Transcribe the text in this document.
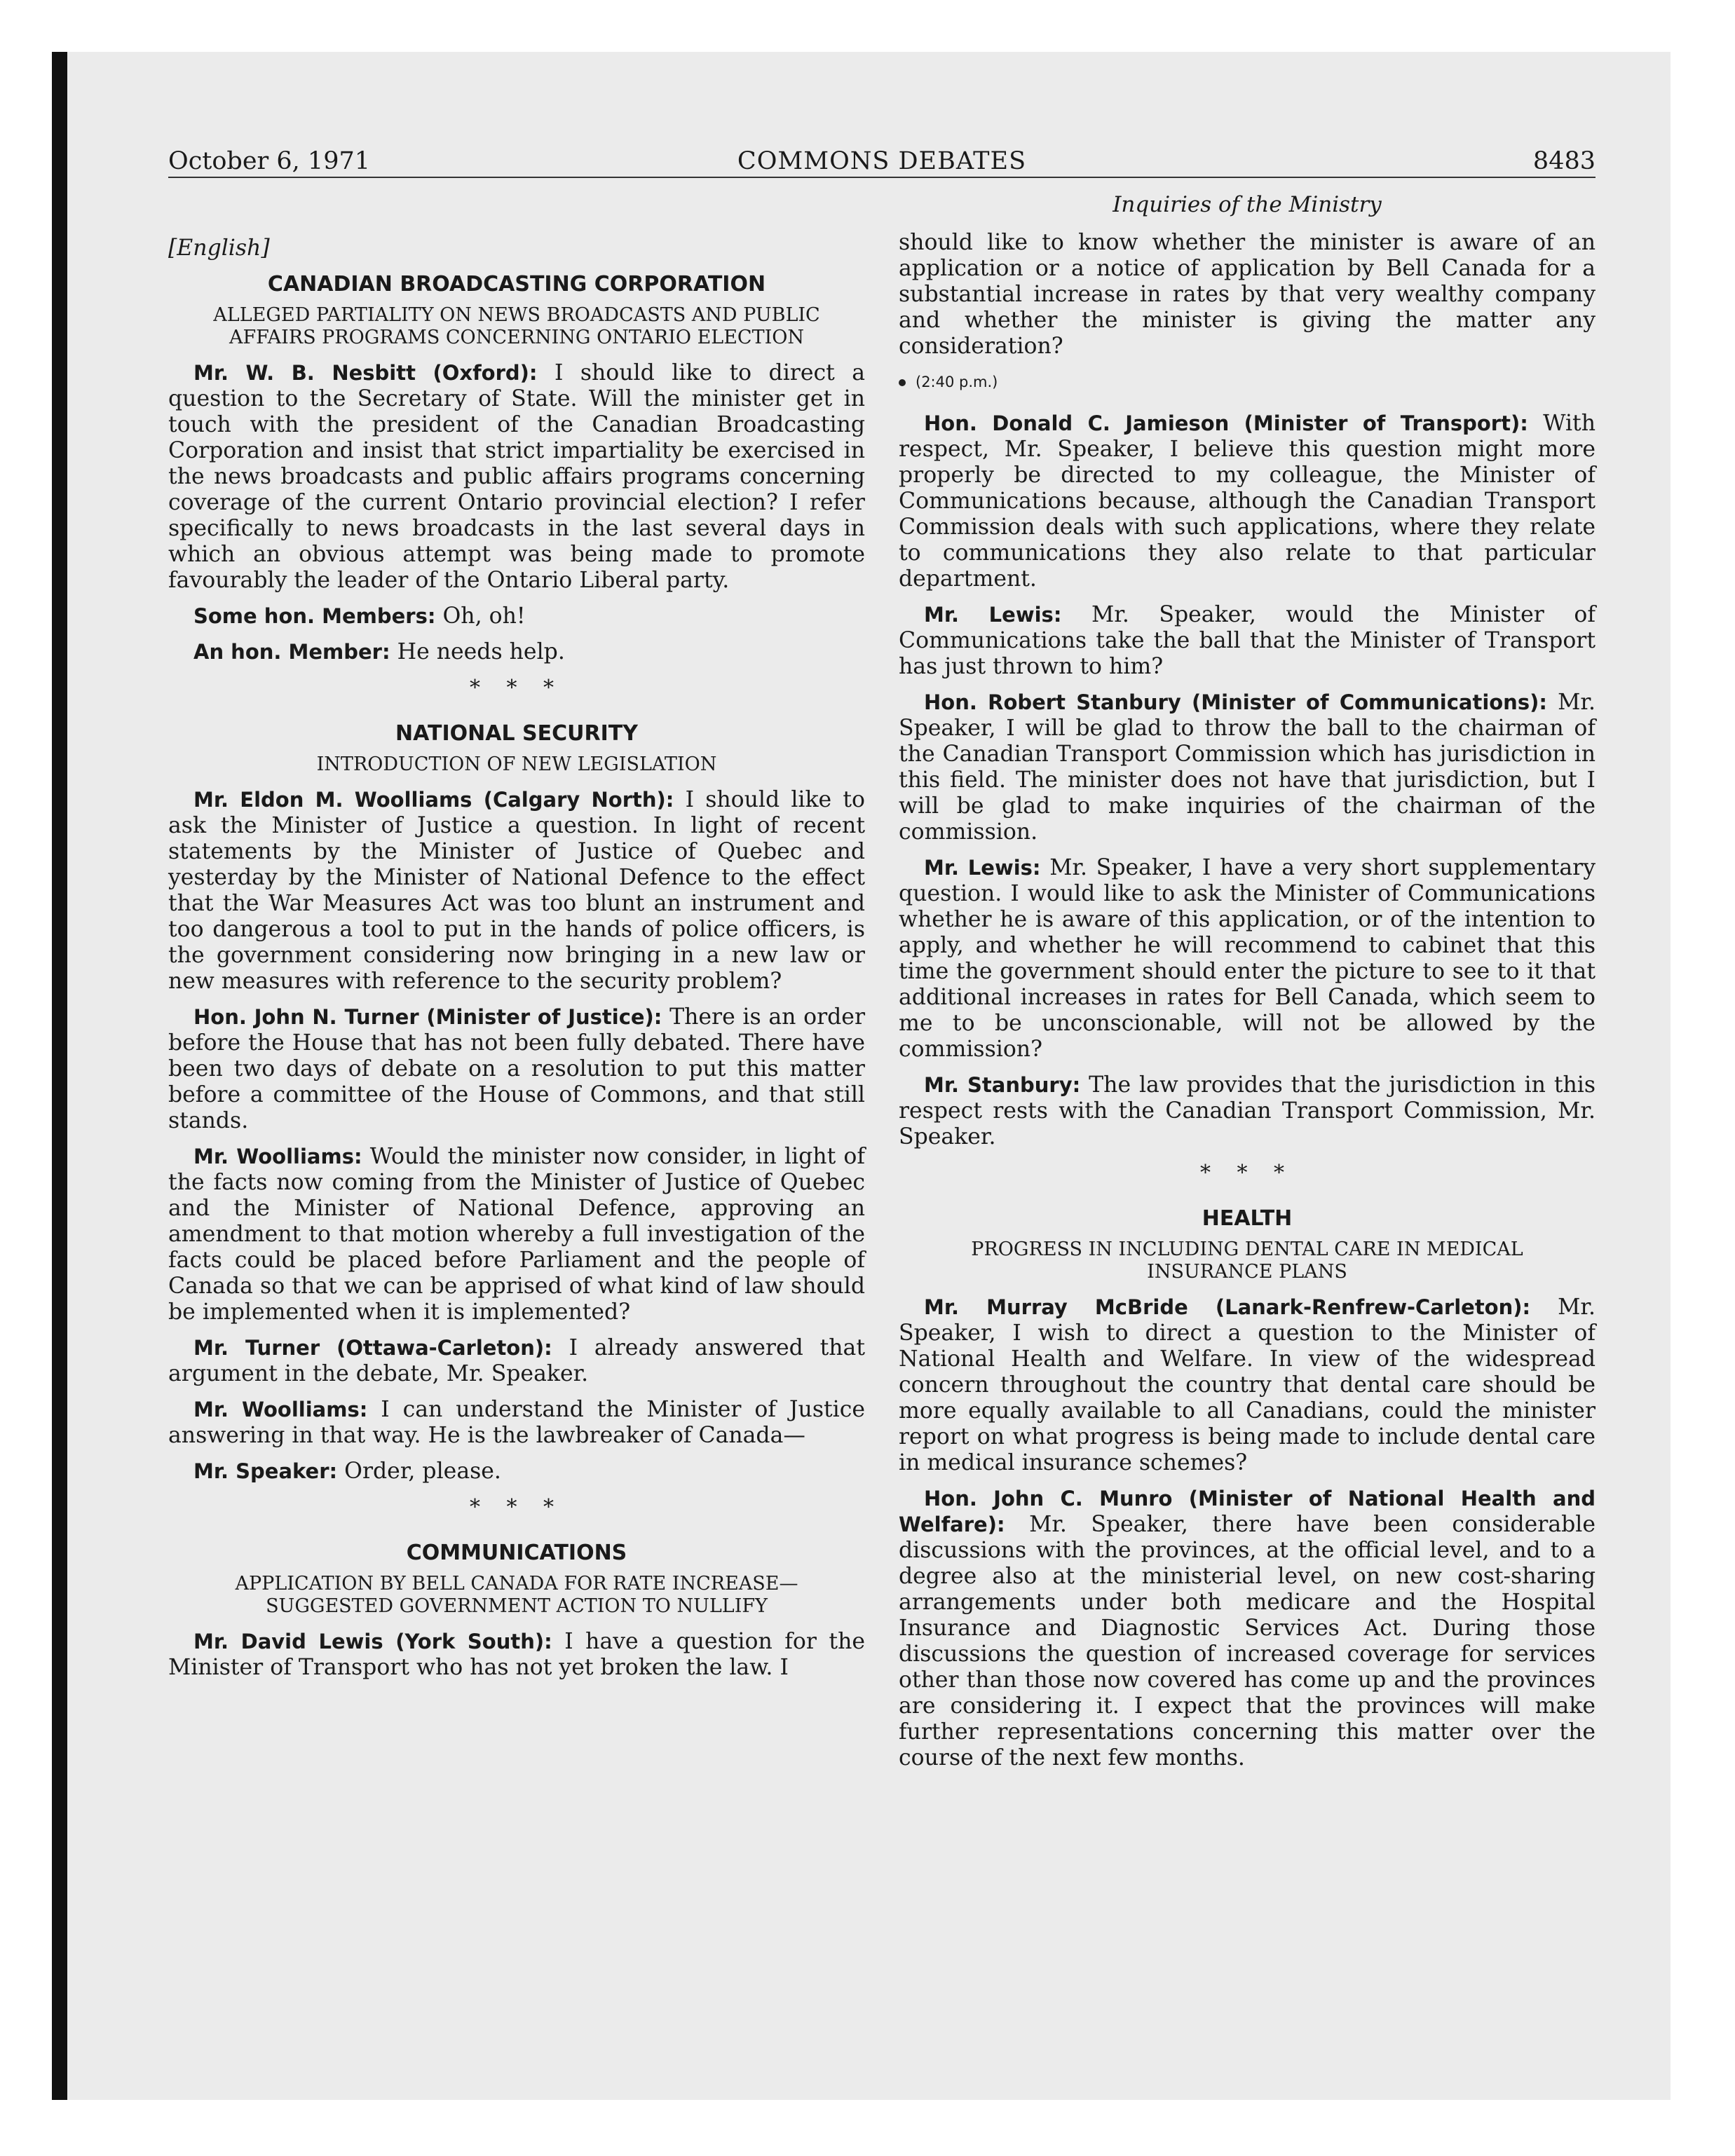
October 6, 1971	COMMONS DEBATES	8483
Inquiries of the Ministry
[English]
CANADIAN BROADCASTING CORPORATION
ALLEGED PARTIALITY ON NEWS BROADCASTS AND PUBLIC AFFAIRS PROGRAMS CONCERNING ONTARIO ELECTION

Mr. W. B. Nesbitt (Oxford): I should like to direct a question to the Secretary of State. Will the minister get in touch with the president of the Canadian Broadcasting Corporation and insist that strict impartiality be exercised in the news broadcasts and public affairs programs concerning coverage of the current Ontario provincial election? I refer specifically to news broadcasts in the last several days in which an obvious attempt was being made to promote favourably the leader of the Ontario Liberal party.

Some hon. Members: Oh, oh!

An hon. Member: He needs help.

* * *
NATIONAL SECURITY
INTRODUCTION OF NEW LEGISLATION

Mr. Eldon M. Woolliams (Calgary North): I should like to ask the Minister of Justice a question. In light of recent statements by the Minister of Justice of Quebec and yesterday by the Minister of National Defence to the effect that the War Measures Act was too blunt an instrument and too dangerous a tool to put in the hands of police officers, is the government considering now bringing in a new law or new measures with reference to the security problem?

Hon. John N. Turner (Minister of Justice): There is an order before the House that has not been fully debated. There have been two days of debate on a resolution to put this matter before a committee of the House of Commons, and that still stands.

Mr. Woolliams: Would the minister now consider, in light of the facts now coming from the Minister of Justice of Quebec and the Minister of National Defence, approving an amendment to that motion whereby a full investigation of the facts could be placed before Parliament and the people of Canada so that we can be apprised of what kind of law should be implemented when it is implemented?

Mr. Turner (Ottawa-Carleton): I already answered that argument in the debate, Mr. Speaker.

Mr. Woolliams: I can understand the Minister of Justice answering in that way. He is the lawbreaker of Canada—

Mr. Speaker: Order, please.

* * *
COMMUNICATIONS
APPLICATION BY BELL CANADA FOR RATE INCREASE—SUGGESTED GOVERNMENT ACTION TO NULLIFY

Mr. David Lewis (York South): I have a question for the Minister of Transport who has not yet broken the law. I

should like to know whether the minister is aware of an application or a notice of application by Bell Canada for a substantial increase in rates by that very wealthy company and whether the minister is giving the matter any consideration?

(2:40 p.m.)

Hon. Donald C. Jamieson (Minister of Transport): With respect, Mr. Speaker, I believe this question might more properly be directed to my colleague, the Minister of Communications because, although the Canadian Transport Commission deals with such applications, where they relate to communications they also relate to that particular department.

Mr. Lewis: Mr. Speaker, would the Minister of Communications take the ball that the Minister of Transport has just thrown to him?

Hon. Robert Stanbury (Minister of Communications): Mr. Speaker, I will be glad to throw the ball to the chairman of the Canadian Transport Commission which has jurisdiction in this field. The minister does not have that jurisdiction, but I will be glad to make inquiries of the chairman of the commission.

Mr. Lewis: Mr. Speaker, I have a very short supplementary question. I would like to ask the Minister of Communications whether he is aware of this application, or of the intention to apply, and whether he will recommend to cabinet that this time the government should enter the picture to see to it that additional increases in rates for Bell Canada, which seem to me to be unconscionable, will not be allowed by the commission?

Mr. Stanbury: The law provides that the jurisdiction in this respect rests with the Canadian Transport Commission, Mr. Speaker.

* * *
HEALTH
PROGRESS IN INCLUDING DENTAL CARE IN MEDICAL INSURANCE PLANS

Mr. Murray McBride (Lanark-Renfrew-Carleton): Mr. Speaker, I wish to direct a question to the Minister of National Health and Welfare. In view of the widespread concern throughout the country that dental care should be more equally available to all Canadians, could the minister report on what progress is being made to include dental care in medical insurance schemes?

Hon. John C. Munro (Minister of National Health and Welfare): Mr. Speaker, there have been considerable discussions with the provinces, at the official level, and to a degree also at the ministerial level, on new cost-sharing arrangements under both medicare and the Hospital Insurance and Diagnostic Services Act. During those discussions the question of increased coverage for services other than those now covered has come up and the provinces are considering it. I expect that the provinces will make further representations concerning this matter over the course of the next few months.
